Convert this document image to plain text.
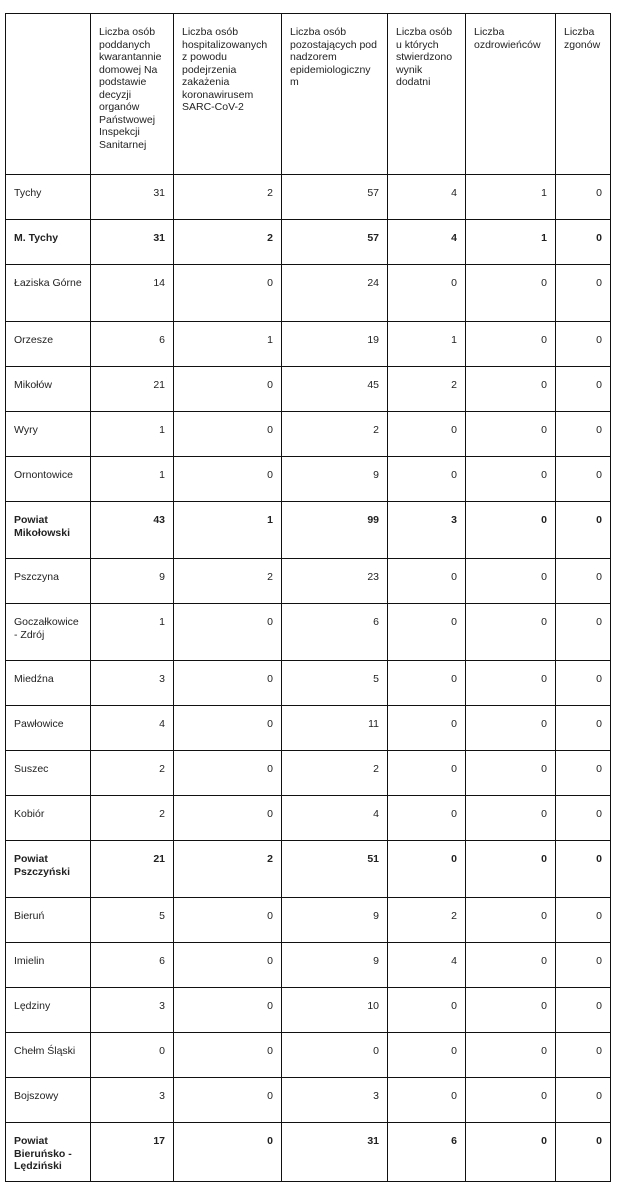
	Liczba osób poddanych kwarantannie domowej Na podstawie decyzji organów Państwowej Inspekcji Sanitarnej	Liczba osób hospitalizowanych z powodu podejrzenia zakażenia koronawirusem SARC-CoV-2	Liczba osób pozostających pod nadzorem epidemiologicznym	Liczba osób u których stwierdzono wynik dodatni	Liczba ozdrowieńców	Liczba zgonów
Tychy	31	2	57	4	1	0
M. Tychy	31	2	57	4	1	0
Łaziska Górne	14	0	24	0	0	0
Orzesze	6	1	19	1	0	0
Mikołów	21	0	45	2	0	0
Wyry	1	0	2	0	0	0
Ornontowice	1	0	9	0	0	0
Powiat Mikołowski	43	1	99	3	0	0
Pszczyna	9	2	23	0	0	0
Goczałkowice - Zdrój	1	0	6	0	0	0
Miedźna	3	0	5	0	0	0
Pawłowice	4	0	11	0	0	0
Suszec	2	0	2	0	0	0
Kobiór	2	0	4	0	0	0
Powiat Pszczyński	21	2	51	0	0	0
Bieruń	5	0	9	2	0	0
Imielin	6	0	9	4	0	0
Lędziny	3	0	10	0	0	0
Chełm Śląski	0	0	0	0	0	0
Bojszowy	3	0	3	0	0	0
Powiat Bieruńsko - Lędziński	17	0	31	6	0	0
